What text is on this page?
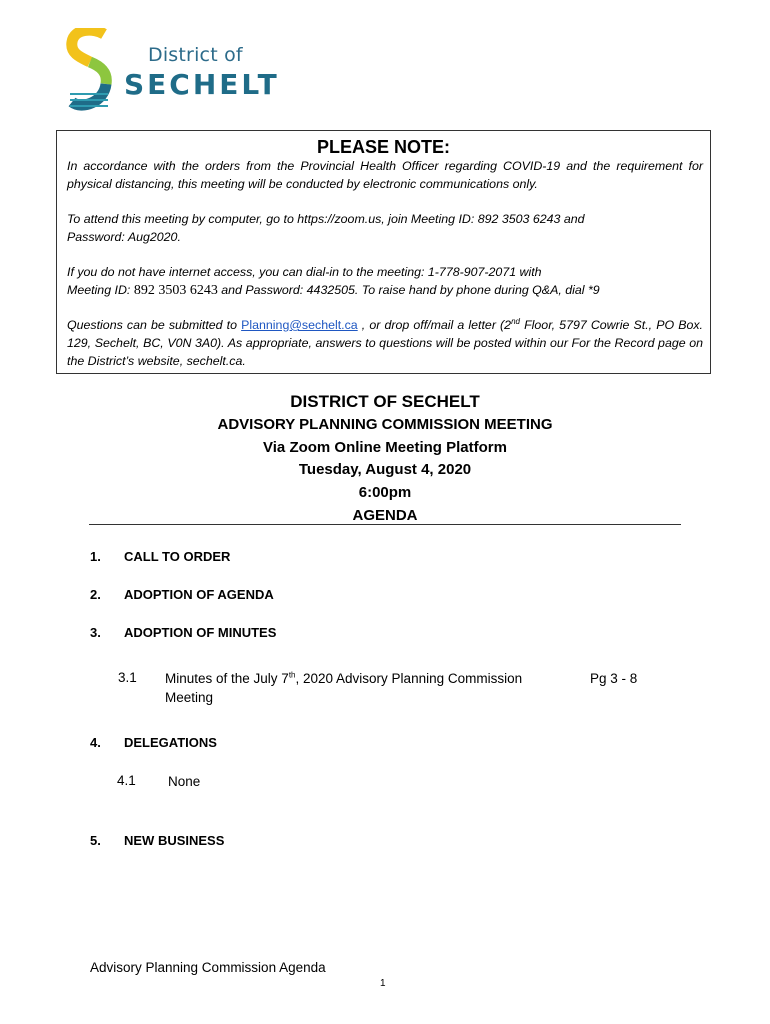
District of
SECHELT
PLEASE NOTE:
In accordance with the orders from the Provincial Health Officer regarding COVID-19 and the requirement for physical distancing, this meeting will be conducted by electronic communications only.
To attend this meeting by computer, go to https://zoom.us, join Meeting ID: 892 3503 6243 and
Password: Aug2020.
If you do not have internet access, you can dial-in to the meeting: 1-778-907-2071 with
Meeting ID: 892 3503 6243 and Password: 4432505. To raise hand by phone during Q&A, dial *9
Questions can be submitted to Planning@sechelt.ca , or drop off/mail a letter (2nd Floor, 5797 Cowrie St., PO Box. 129, Sechelt, BC, V0N 3A0). As appropriate, answers to questions will be posted within our For the Record page on the District’s website, sechelt.ca.
DISTRICT OF SECHELT
ADVISORY PLANNING COMMISSION MEETING
Via Zoom Online Meeting Platform
Tuesday, August 4, 2020
6:00pm
AGENDA
1. CALL TO ORDER
2. ADOPTION OF AGENDA
3. ADOPTION OF MINUTES
3.1 Minutes of the July 7th, 2020 Advisory Planning Commission
Meeting
Pg 3 - 8
4. DELEGATIONS
4.1 None
5. NEW BUSINESS
Advisory Planning Commission Agenda
1
